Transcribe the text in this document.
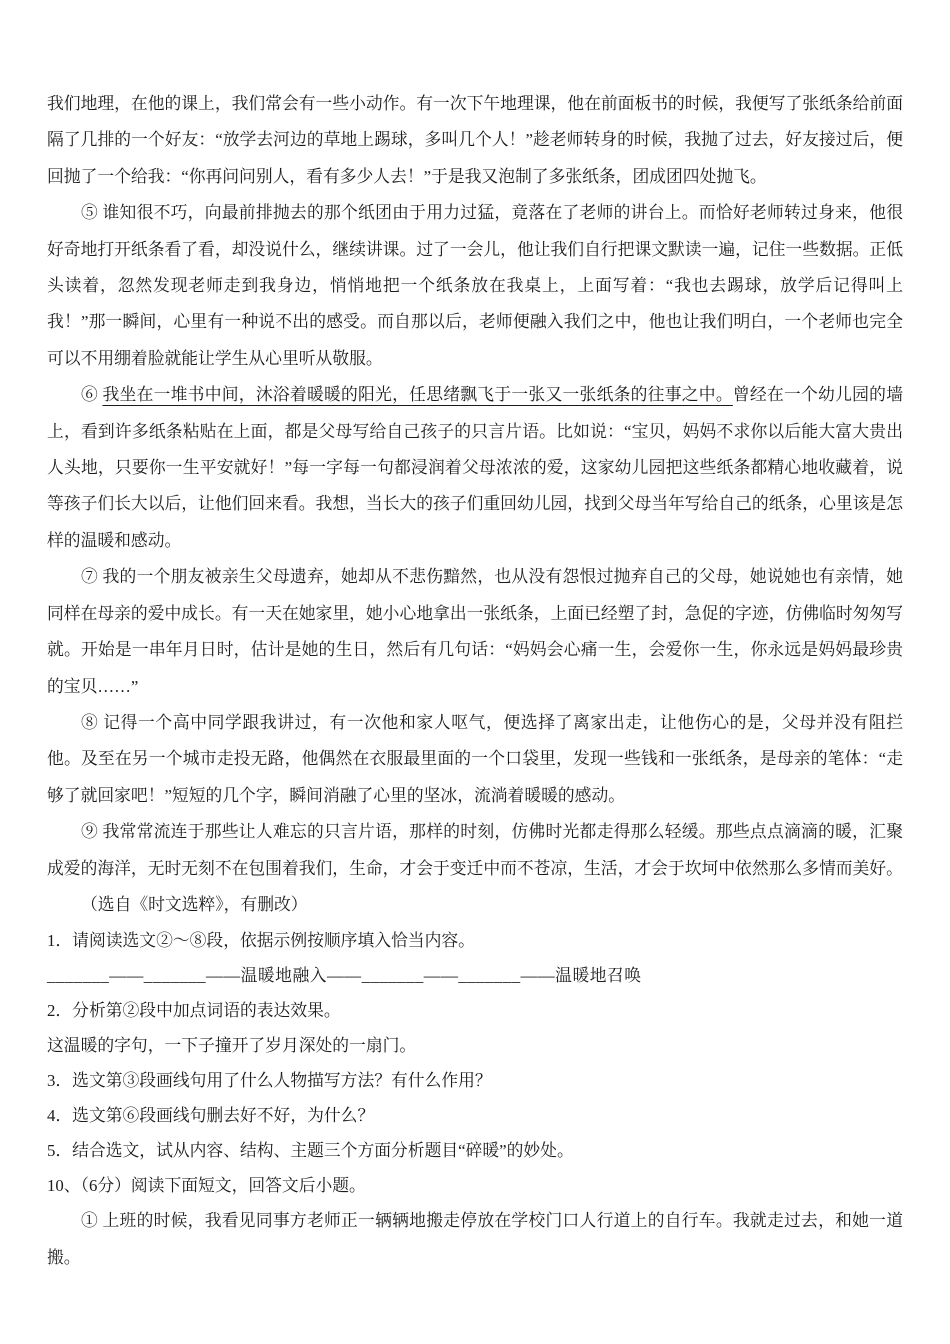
我们地理，在他的课上，我们常会有一些小动作。有一次下午地理课，他在前面板书的时候，我便写了张纸条给前面隔了几排的一个好友：“放学去河边的草地上踢球，多叫几个人！”趁老师转身的时候，我抛了过去，好友接过后，便回抛了一个给我：“你再问问别人，看有多少人去！”于是我又泡制了多张纸条，团成团四处抛飞。
⑤ 谁知很不巧，向最前排抛去的那个纸团由于用力过猛，竟落在了老师的讲台上。而恰好老师转过身来，他很好奇地打开纸条看了看，却没说什么，继续讲课。过了一会儿，他让我们自行把课文默读一遍，记住一些数据。正低头读着，忽然发现老师走到我身边，悄悄地把一个纸条放在我桌上，上面写着：“我也去踢球，放学后记得叫上我！”那一瞬间，心里有一种说不出的感受。而自那以后，老师便融入我们之中，他也让我们明白，一个老师也完全可以不用绷着脸就能让学生从心里听从敬服。
⑥ 我坐在一堆书中间，沐浴着暖暖的阳光，任思绪飘飞于一张又一张纸条的往事之中。曾经在一个幼儿园的墙上，看到许多纸条粘贴在上面，都是父母写给自己孩子的只言片语。比如说：“宝贝，妈妈不求你以后能大富大贵出人头地，只要你一生平安就好！”每一字每一句都浸润着父母浓浓的爱，这家幼儿园把这些纸条都精心地收藏着，说等孩子们长大以后，让他们回来看。我想，当长大的孩子们重回幼儿园，找到父母当年写给自己的纸条，心里该是怎样的温暖和感动。
⑦ 我的一个朋友被亲生父母遗弃，她却从不悲伤黯然，也从没有怨恨过抛弃自己的父母，她说她也有亲情，她同样在母亲的爱中成长。有一天在她家里，她小心地拿出一张纸条，上面已经塑了封，急促的字迹，仿佛临时匆匆写就。开始是一串年月日时，估计是她的生日，然后有几句话：“妈妈会心痛一生，会爱你一生，你永远是妈妈最珍贵的宝贝……”
⑧ 记得一个高中同学跟我讲过，有一次他和家人呕气，便选择了离家出走，让他伤心的是，父母并没有阻拦他。及至在另一个城市走投无路，他偶然在衣服最里面的一个口袋里，发现一些钱和一张纸条，是母亲的笔体：“走够了就回家吧！”短短的几个字，瞬间消融了心里的坚冰，流淌着暖暖的感动。
⑨ 我常常流连于那些让人难忘的只言片语，那样的时刻，仿佛时光都走得那么轻缓。那些点点滴滴的暖，汇聚成爱的海洋，无时无刻不在包围着我们，生命，才会于变迁中而不苍凉，生活，才会于坎坷中依然那么多情而美好。
（选自《时文选粹》，有删改）
1．请阅读选文②～⑧段，依据示例按顺序填入恰当内容。
_______——_______——温暖地融入——_______——_______——温暖地召唤
2．分析第②段中加点词语的表达效果。
这温暖的字句，一下子撞开了岁月深处的一扇门。
3．选文第③段画线句用了什么人物描写方法？有什么作用？
4．选文第⑥段画线句删去好不好，为什么？
5．结合选文，试从内容、结构、主题三个方面分析题目“碎暖”的妙处。
10、（6分）阅读下面短文，回答文后小题。
① 上班的时候，我看见同事方老师正一辆辆地搬走停放在学校门口人行道上的自行车。我就走过去，和她一道搬。
